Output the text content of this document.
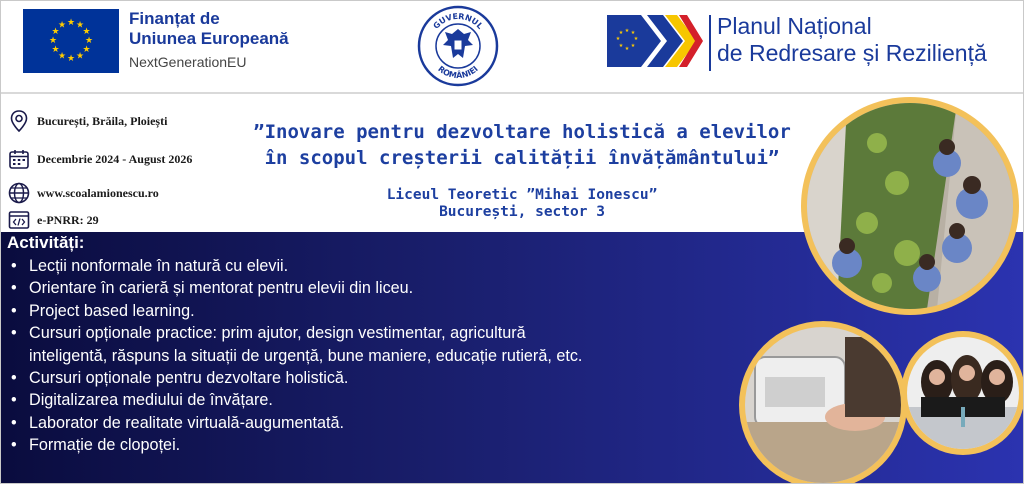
★ ★
★
★
★
★
★
★
★
★
★
★	Finanțat de
Uniunea Europeană
NextGenerationEU
GUVERNUL
ROMÂNIEI
★ ★
★
★
★
★
★
★	Planul Național
de Redresare și Reziliență
București, Brăila, Ploiești
Decembrie 2024 - August 2026
www.scoalamionescu.ro
e-PNRR: 29
”Inovare pentru dezvoltare holistică a elevilor
în scopul creșterii calității învățământului”
Liceul Teoretic ”Mihai Ionescu”
București, sector 3
Activități:
• Lecții nonformale în natură cu elevii.
• Orientare în carieră și mentorat pentru elevii din liceu.
• Project based learning.
• Cursuri opționale practice: prim ajutor, design vestimentar, agricultură
inteligentă, răspuns la situații de urgență, bune maniere, educație rutieră, etc.
• Cursuri opționale pentru dezvoltare holistică.
• Digitalizarea mediului de învățare.
• Laborator de realitate virtuală-augumentată.
• Formație de clopoței.
